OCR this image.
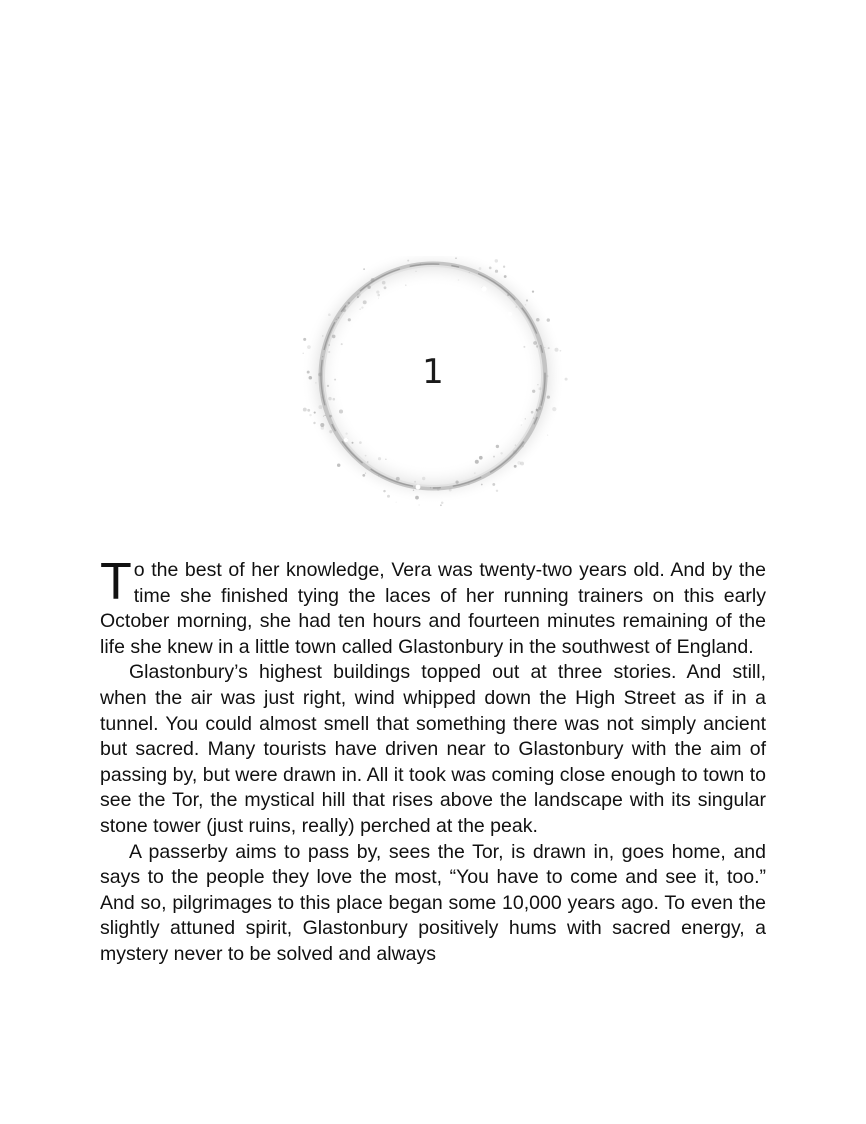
1

To the best of her knowledge, Vera was twenty-two years old. And by the time she finished tying the laces of her running trainers on this early October morning, she had ten hours and fourteen minutes remaining of the life she knew in a little town called Glastonbury in the southwest of England.

Glastonbury’s highest buildings topped out at three stories. And still, when the air was just right, wind whipped down the High Street as if in a tunnel. You could almost smell that something there was not simply ancient but sacred. Many tourists have driven near to Glastonbury with the aim of passing by, but were drawn in. All it took was coming close enough to town to see the Tor, the mystical hill that rises above the landscape with its singular stone tower (just ruins, really) perched at the peak.

A passerby aims to pass by, sees the Tor, is drawn in, goes home, and says to the people they love the most, “You have to come and see it, too.” And so, pilgrimages to this place began some 10,000 years ago. To even the slightly attuned spirit, Glastonbury positively hums with sacred energy, a mystery never to be solved and always
